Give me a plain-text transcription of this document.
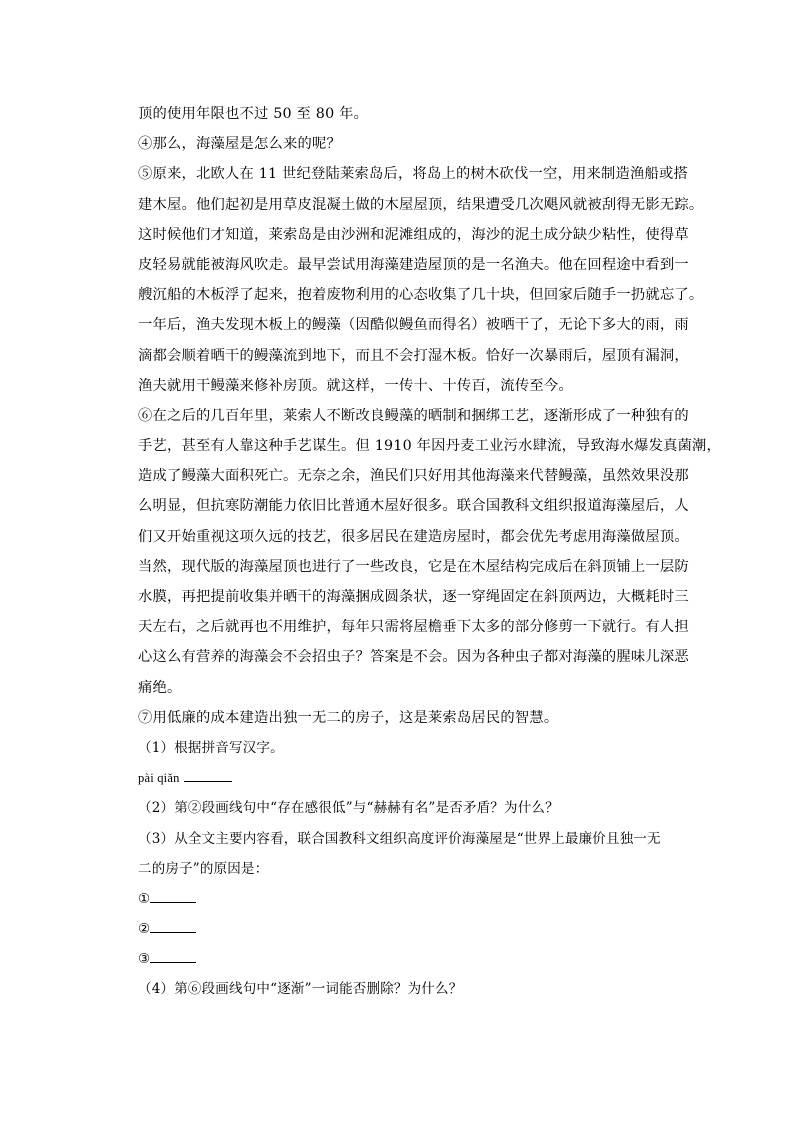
顶的使用年限也不过 50 至 80 年。
④那么，海藻屋是怎么来的呢？
⑤原来，北欧人在 11 世纪登陆莱索岛后，将岛上的树木砍伐一空，用来制造渔船或搭
建木屋。他们起初是用草皮混凝土做的木屋屋顶，结果遭受几次飓风就被刮得无影无踪。
这时候他们才知道，莱索岛是由沙洲和泥滩组成的，海沙的泥土成分缺少粘性，使得草
皮轻易就能被海风吹走。最早尝试用海藻建造屋顶的是一名渔夫。他在回程途中看到一
艘沉船的木板浮了起来，抱着废物利用的心态收集了几十块，但回家后随手一扔就忘了。
一年后，渔夫发现木板上的鳗藻（因酷似鳗鱼而得名）被晒干了，无论下多大的雨，雨
滴都会顺着晒干的鳗藻流到地下，而且不会打湿木板。恰好一次暴雨后，屋顶有漏洞，
渔夫就用干鳗藻来修补房顶。就这样，一传十、十传百，流传至今。
⑥在之后的几百年里，莱索人不断改良鳗藻的晒制和捆绑工艺，逐渐形成了一种独有的
手艺，甚至有人靠这种手艺谋生。但 1910 年因丹麦工业污水肆流，导致海水爆发真菌潮，
造成了鳗藻大面积死亡。无奈之余，渔民们只好用其他海藻来代替鳗藻，虽然效果没那
么明显，但抗寒防潮能力依旧比普通木屋好很多。联合国教科文组织报道海藻屋后，人
们又开始重视这项久远的技艺，很多居民在建造房屋时，都会优先考虑用海藻做屋顶。
当然，现代版的海藻屋顶也进行了一些改良，它是在木屋结构完成后在斜顶铺上一层防
水膜，再把提前收集并晒干的海藻捆成圆条状，逐一穿绳固定在斜顶两边，大概耗时三
天左右，之后就再也不用维护，每年只需将屋檐垂下太多的部分修剪一下就行。有人担
心这么有营养的海藻会不会招虫子？答案是不会。因为各种虫子都对海藻的腥味儿深恶
痛绝。
⑦用低廉的成本建造出独一无二的房子，这是莱索岛居民的智慧。
（1）根据拼音写汉字。
pài qiǎn
（2）第②段画线句中“存在感很低”与“赫赫有名”是否矛盾？为什么？
（3）从全文主要内容看，联合国教科文组织高度评价海藻屋是“世界上最廉价且独一无
二的房子”的原因是：
①
②
③
（4）第⑥段画线句中“逐渐”一词能否删除？为什么？
